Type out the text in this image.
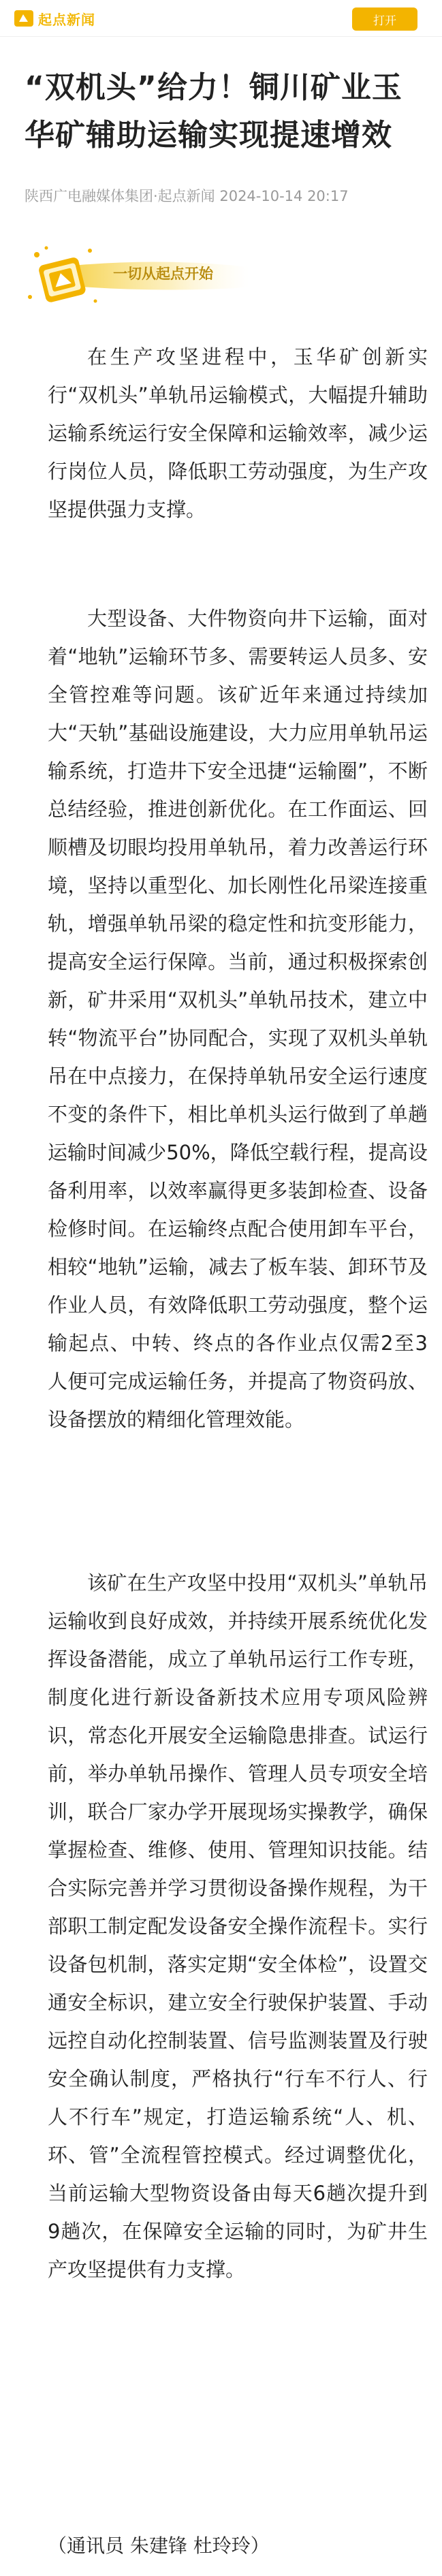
起点新闻	打开
“双机头”给力！铜川矿业玉华矿辅助运输实现提速增效
陕西广电融媒体集团·起点新闻 2024-10-14 20:17
一切从起点开始

在生产攻坚进程中，玉华矿创新实行“双机头”单轨吊运输模式，大幅提升辅助运输系统运行安全保障和运输效率，减少运行岗位人员，降低职工劳动强度，为生产攻坚提供强力支撑。

大型设备、大件物资向井下运输，面对着“地轨”运输环节多、需要转运人员多、安全管控难等问题。该矿近年来通过持续加大“天轨”基础设施建设，大力应用单轨吊运输系统，打造井下安全迅捷“运输圈”，不断总结经验，推进创新优化。在工作面运、回顺槽及切眼均投用单轨吊，着力改善运行环境，坚持以重型化、加长刚性化吊梁连接重轨，增强单轨吊梁的稳定性和抗变形能力，提高安全运行保障。当前，通过积极探索创新，矿井采用“双机头”单轨吊技术，建立中转“物流平台”协同配合，实现了双机头单轨吊在中点接力，在保持单轨吊安全运行速度不变的条件下，相比单机头运行做到了单趟运输时间减少50%，降低空载行程，提高设备利用率，以效率赢得更多装卸检查、设备检修时间。在运输终点配合使用卸车平台，相较“地轨”运输，减去了板车装、卸环节及作业人员，有效降低职工劳动强度，整个运输起点、中转、终点的各作业点仅需2至3人便可完成运输任务，并提高了物资码放、设备摆放的精细化管理效能。

该矿在生产攻坚中投用“双机头”单轨吊运输收到良好成效，并持续开展系统优化发挥设备潜能，成立了单轨吊运行工作专班，制度化进行新设备新技术应用专项风险辨识，常态化开展安全运输隐患排查。试运行前，举办单轨吊操作、管理人员专项安全培训，联合厂家办学开展现场实操教学，确保掌握检查、维修、使用、管理知识技能。结合实际完善并学习贯彻设备操作规程，为干部职工制定配发设备安全操作流程卡。实行设备包机制，落实定期“安全体检”，设置交通安全标识，建立安全行驶保护装置、手动远控自动化控制装置、信号监测装置及行驶安全确认制度，严格执行“行车不行人、行人不行车”规定，打造运输系统“人、机、环、管”全流程管控模式。经过调整优化，当前运输大型物资设备由每天6趟次提升到9趟次，在保障安全运输的同时，为矿井生产攻坚提供有力支撑。

（通讯员 朱建锋 杜玲玲）
